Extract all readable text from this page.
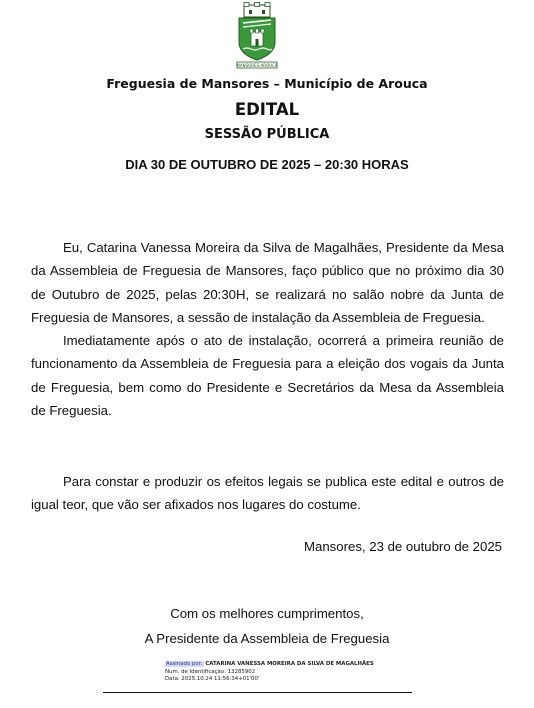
MANSORES-AROUCA
Freguesia de Mansores – Município de Arouca
EDITAL
SESSÃO PÚBLICA
DIA 30 DE OUTUBRO DE 2025 – 20:30 HORAS

Eu, Catarina Vanessa Moreira da Silva de Magalhães, Presidente da Mesa da Assembleia de Freguesia de Mansores, faço público que no próximo dia 30 de Outubro de 2025, pelas 20:30H, se realizará no salão nobre da Junta de Freguesia de Mansores, a sessão de instalação da Assembleia de Freguesia.

Imediatamente após o ato de instalação, ocorrerá a primeira reunião de funcionamento da Assembleia de Freguesia para a eleição dos vogais da Junta de Freguesia, bem como do Presidente e Secretários da Mesa da Assembleia de Freguesia.

Para constar e produzir os efeitos legais se publica este edital e outros de igual teor, que vão ser afixados nos lugares do costume.

Mansores, 23 de outubro de 2025
Com os melhores cumprimentos,
A Presidente da Assembleia de Freguesia
Assinado por: CATARINA VANESSA MOREIRA DA SILVA DE MAGALHÃES
Num. de Identificação: 13285902
Data: 2025.10.24 11:56:34+01'00'
